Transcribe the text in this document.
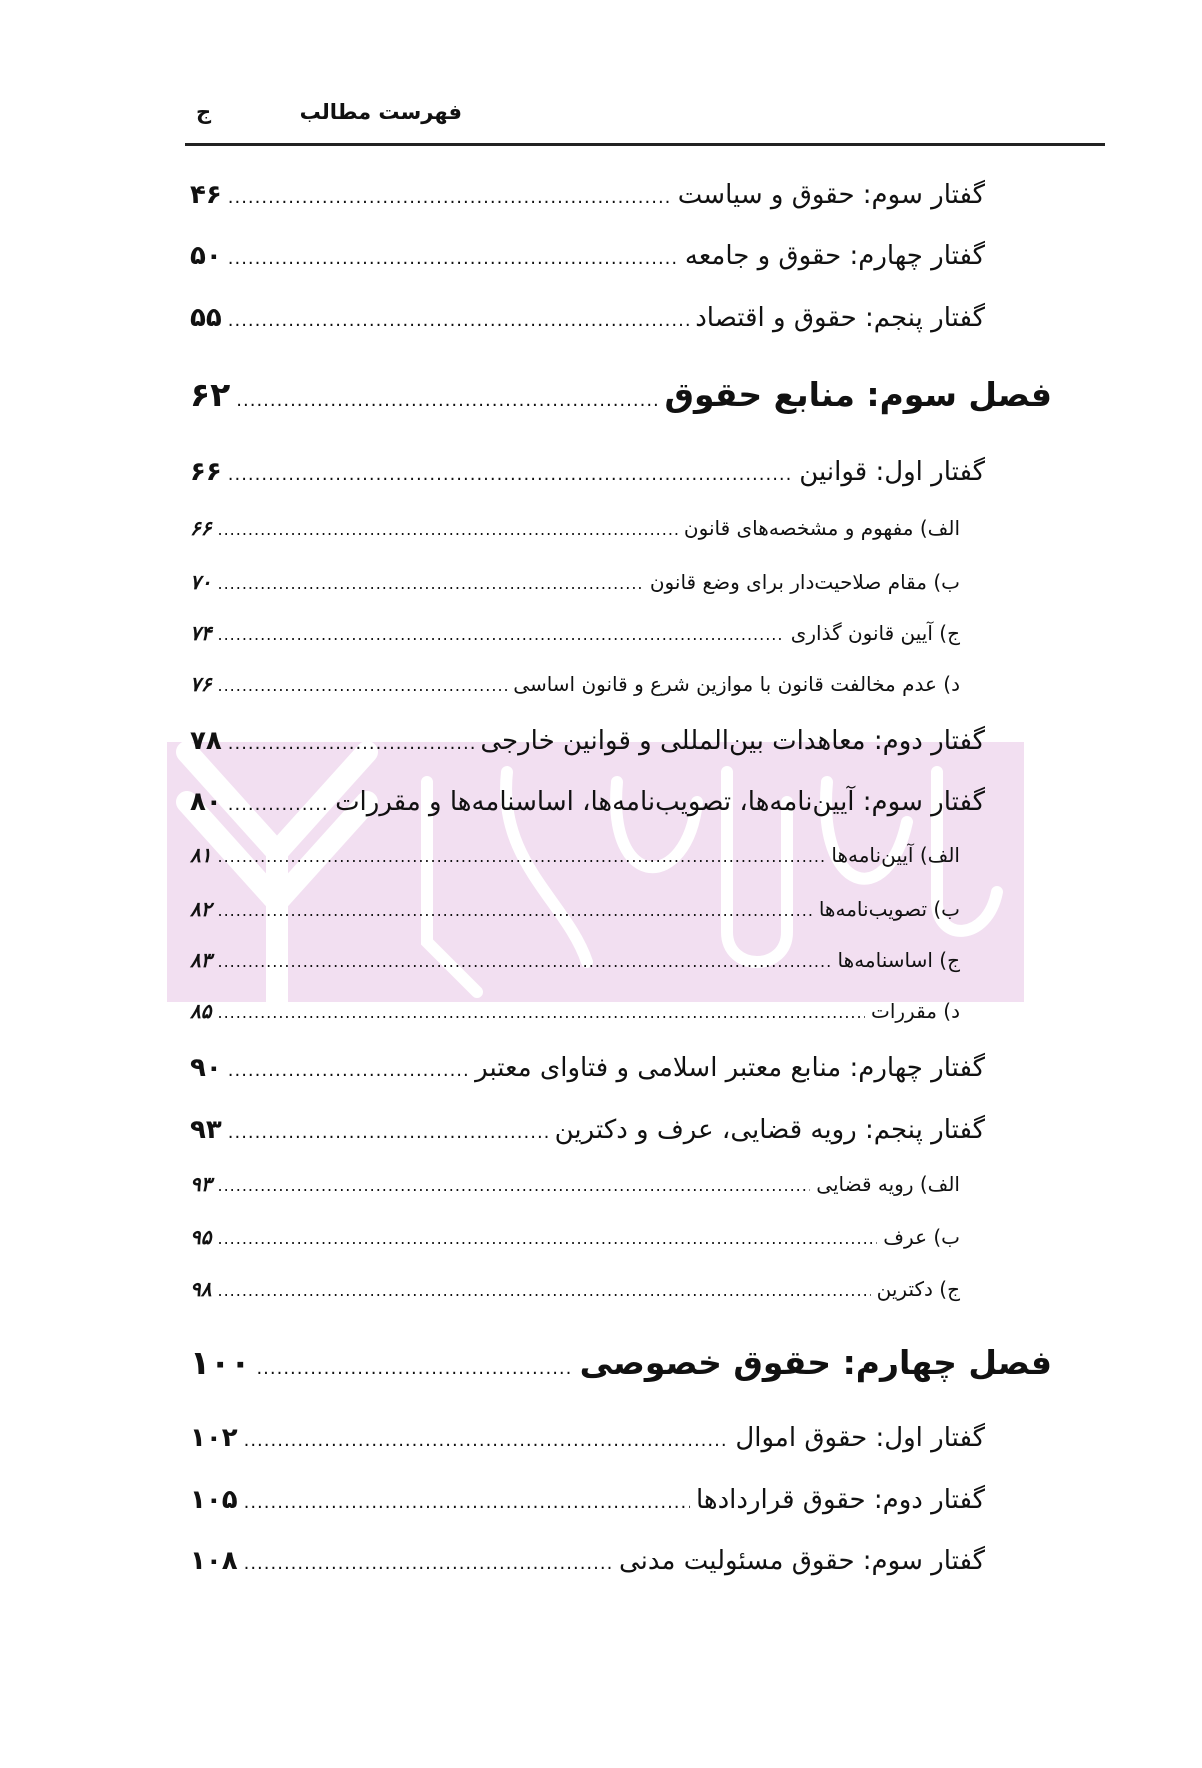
فهرست مطالب
ج
گفتار سوم: حقوق و سیاست
.....
۴۶
گفتار چهارم: حقوق و جامعه
.....
۵۰
گفتار پنجم: حقوق و اقتصاد
.....
۵۵
فصل سوم: منابع حقوق
.....
۶۲
گفتار اول: قوانین
.....
۶۶
الف) مفهوم و مشخصه‌های قانون
.....
۶۶
ب) مقام صلاحیت‌دار برای وضع قانون
.....
۷۰
ج) آیین قانون گذاری
.....
۷۴
د) عدم مخالفت قانون با موازین شرع و قانون اساسی
.....
۷۶
گفتار دوم: معاهدات بین‌المللی و قوانین خارجی
.....
۷۸
گفتار سوم: آیین‌نامه‌ها، تصویب‌نامه‌ها، اساسنامه‌ها و مقررات
.....
۸۰
الف) آیین‌نامه‌ها
.....
۸۱
ب) تصویب‌نامه‌ها
.....
۸۲
ج) اساسنامه‌ها
.....
۸۳
د) مقررات
.....
۸۵
گفتار چهارم: منابع معتبر اسلامی و فتاوای معتبر
.....
۹۰
گفتار پنجم: رویه قضایی، عرف و دکترین
.....
۹۳
الف) رویه قضایی
.....
۹۳
ب) عرف
.....
۹۵
ج) دکترین
.....
۹۸
فصل چهارم: حقوق خصوصی
.....
۱۰۰
گفتار اول: حقوق اموال
.....
۱۰۲
گفتار دوم: حقوق قراردادها
.....
۱۰۵
گفتار سوم: حقوق مسئولیت مدنی
.....
۱۰۸
